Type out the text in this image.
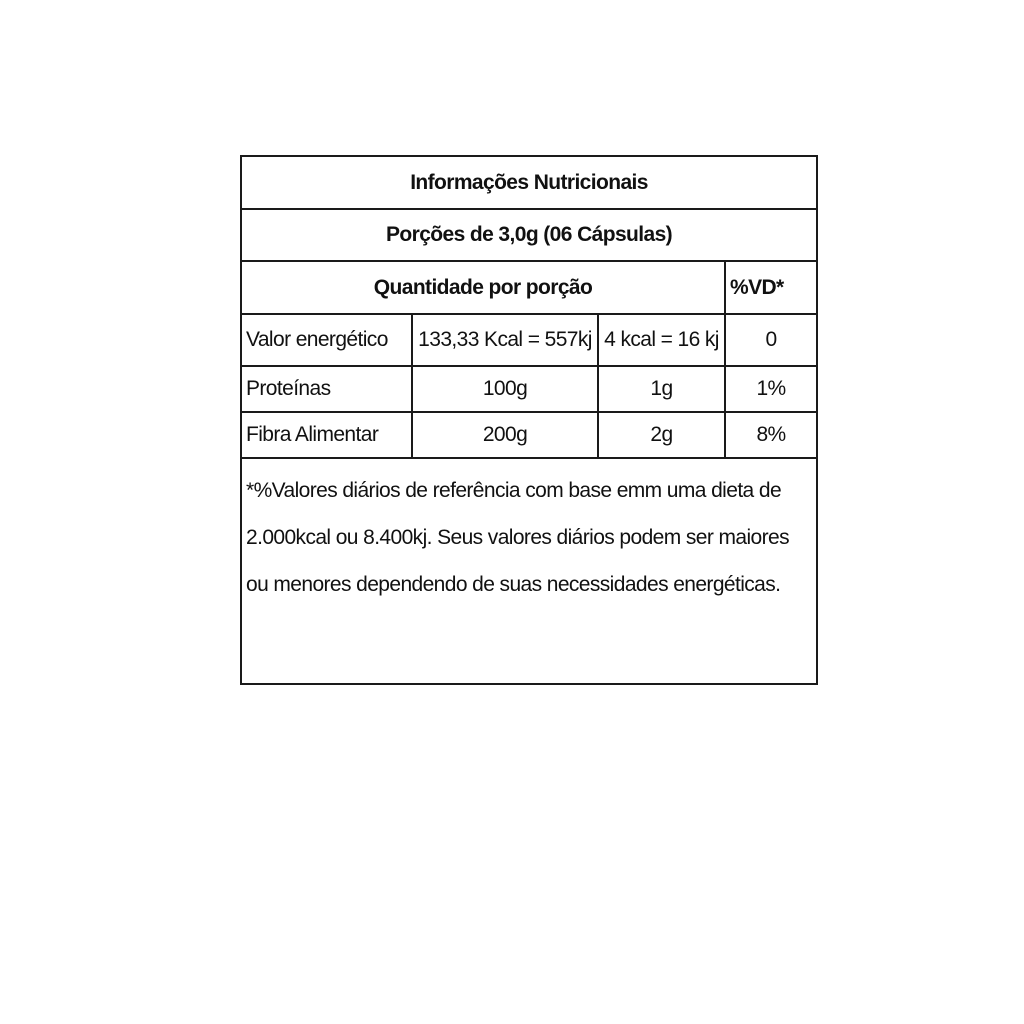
Informações Nutricionais			
Porções de 3,0g (06 Cápsulas)			
Quantidade por porção			%VD*
Valor energético	133,33 Kcal = 557kj	4 kcal = 16 kj	0
Proteínas	100g	1g	1%
Fibra Alimentar	200g	2g	8%
*%Valores diários de referência com base emm uma dieta de
2.000kcal ou 8.400kj. Seus valores diários podem ser maiores
ou menores dependendo de suas necessidades energéticas.
